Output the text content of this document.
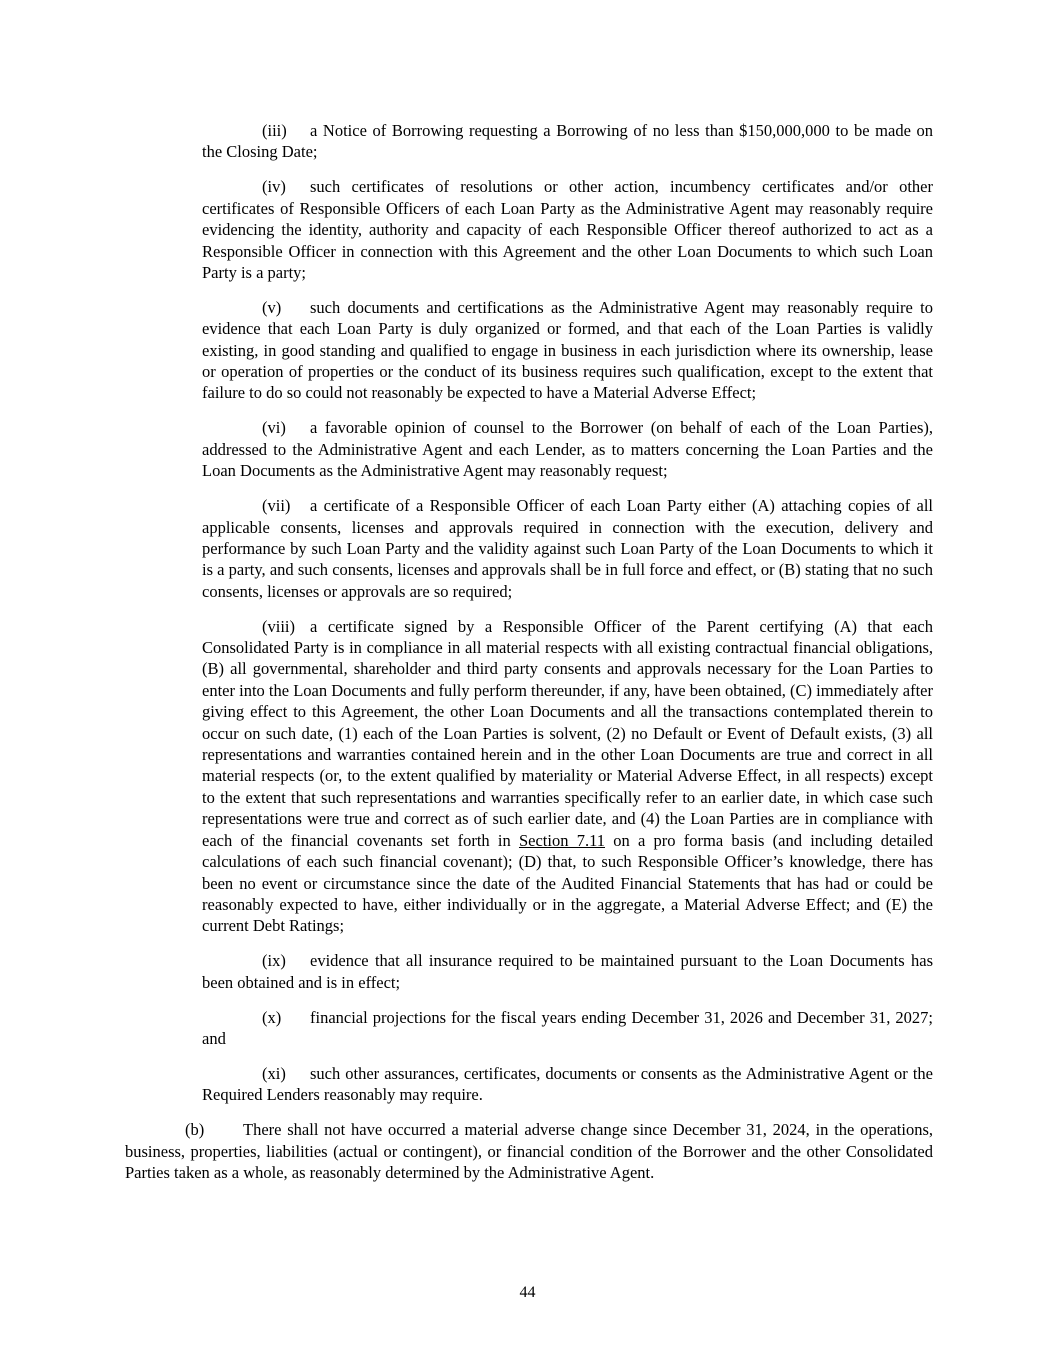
(iii) a Notice of Borrowing requesting a Borrowing of no less than $150,000,000 to be made on the Closing Date;

(iv) such certificates of resolutions or other action, incumbency certificates and/or other certificates of Responsible Officers of each Loan Party as the Administrative Agent may reasonably require evidencing the identity, authority and capacity of each Responsible Officer thereof authorized to act as a Responsible Officer in connection with this Agreement and the other Loan Documents to which such Loan Party is a party;

(v) such documents and certifications as the Administrative Agent may reasonably require to evidence that each Loan Party is duly organized or formed, and that each of the Loan Parties is validly existing, in good standing and qualified to engage in business in each jurisdiction where its ownership, lease or operation of properties or the conduct of its business requires such qualification, except to the extent that failure to do so could not reasonably be expected to have a Material Adverse Effect;

(vi) a favorable opinion of counsel to the Borrower (on behalf of each of the Loan Parties), addressed to the Administrative Agent and each Lender, as to matters concerning the Loan Parties and the Loan Documents as the Administrative Agent may reasonably request;

(vii) a certificate of a Responsible Officer of each Loan Party either (A) attaching copies of all applicable consents, licenses and approvals required in connection with the execution, delivery and performance by such Loan Party and the validity against such Loan Party of the Loan Documents to which it is a party, and such consents, licenses and approvals shall be in full force and effect, or (B) stating that no such consents, licenses or approvals are so required;

(viii) a certificate signed by a Responsible Officer of the Parent certifying (A) that each Consolidated Party is in compliance in all material respects with all existing contractual financial obligations, (B) all governmental, shareholder and third party consents and approvals necessary for the Loan Parties to enter into the Loan Documents and fully perform thereunder, if any, have been obtained, (C) immediately after giving effect to this Agreement, the other Loan Documents and all the transactions contemplated therein to occur on such date, (1) each of the Loan Parties is solvent, (2) no Default or Event of Default exists, (3) all representations and warranties contained herein and in the other Loan Documents are true and correct in all material respects (or, to the extent qualified by materiality or Material Adverse Effect, in all respects) except to the extent that such representations and warranties specifically refer to an earlier date, in which case such representations were true and correct as of such earlier date, and (4) the Loan Parties are in compliance with each of the financial covenants set forth in Section 7.11 on a pro forma basis (and including detailed calculations of each such financial covenant); (D) that, to such Responsible Officer’s knowledge, there has been no event or circumstance since the date of the Audited Financial Statements that has had or could be reasonably expected to have, either individually or in the aggregate, a Material Adverse Effect; and (E) the current Debt Ratings;

(ix) evidence that all insurance required to be maintained pursuant to the Loan Documents has been obtained and is in effect;

(x) financial projections for the fiscal years ending December 31, 2026 and December 31, 2027; and

(xi) such other assurances, certificates, documents or consents as the Administrative Agent or the Required Lenders reasonably may require.

(b) There shall not have occurred a material adverse change since December 31, 2024, in the operations, business, properties, liabilities (actual or contingent), or financial condition of the Borrower and the other Consolidated Parties taken as a whole, as reasonably determined by the Administrative Agent.

44
